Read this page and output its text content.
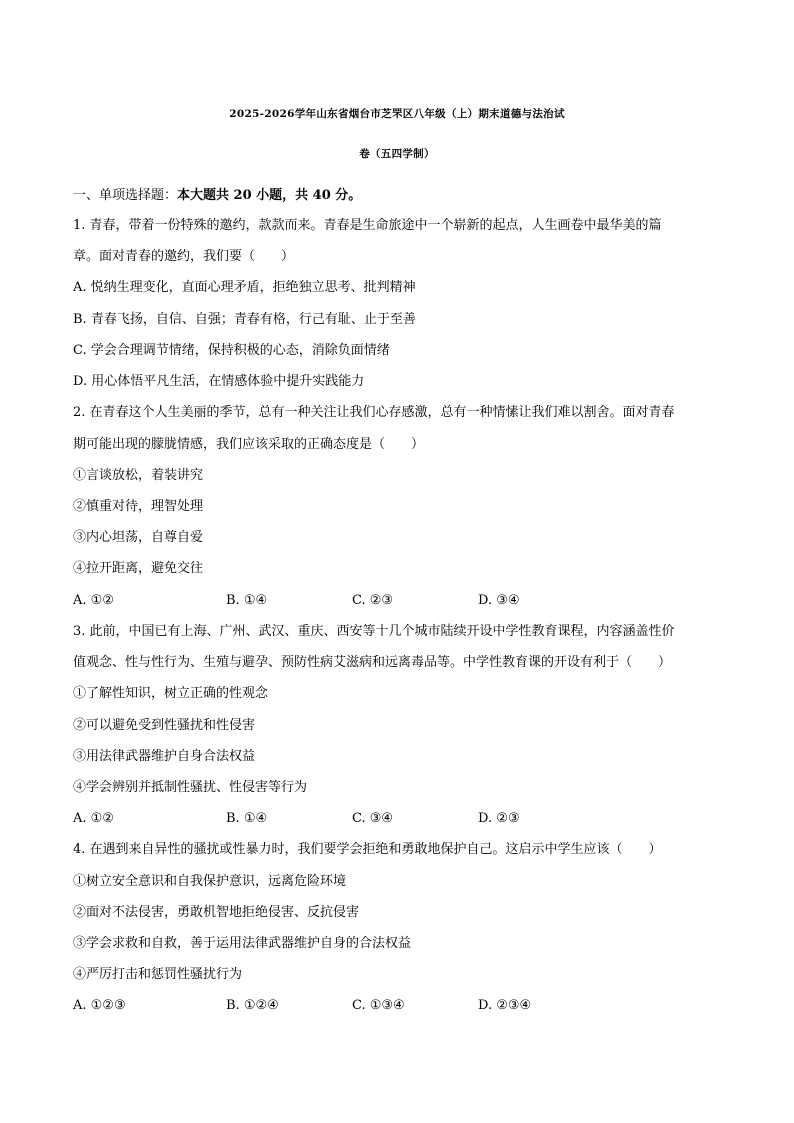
2025-2026学年山东省烟台市芝罘区八年级（上）期末道德与法治试
卷（五四学制）
一、单项选择题：本大题共 20 小题，共 40 分。
1. 青春，带着一份特殊的邀约，款款而来。青春是生命旅途中一个崭新的起点，人生画卷中最华美的篇
章。面对青春的邀约，我们要（　　）
A. 悦纳生理变化，直面心理矛盾，拒绝独立思考、批判精神
B. 青春飞扬，自信、自强；青春有格，行己有耻、止于至善
C. 学会合理调节情绪，保持积极的心态，消除负面情绪
D. 用心体悟平凡生活，在情感体验中提升实践能力
2. 在青春这个人生美丽的季节，总有一种关注让我们心存感激，总有一种情愫让我们难以割舍。面对青春
期可能出现的朦胧情感，我们应该采取的正确态度是（　　）
①言谈放松，着装讲究
②慎重对待，理智处理
③内心坦荡，自尊自爱
④拉开距离，避免交往
A. ①②	B. ①④	C. ②③	D. ③④
3. 此前，中国已有上海、广州、武汉、重庆、西安等十几个城市陆续开设中学性教育课程，内容涵盖性价
值观念、性与性行为、生殖与避孕、预防性病艾滋病和远离毒品等。中学性教育课的开设有利于（　　）
①了解性知识，树立正确的性观念
②可以避免受到性骚扰和性侵害
③用法律武器维护自身合法权益
④学会辨别并抵制性骚扰、性侵害等行为
A. ①②	B. ①④	C. ③④	D. ②③
4. 在遇到来自异性的骚扰或性暴力时，我们要学会拒绝和勇敢地保护自己。这启示中学生应该（　　）
①树立安全意识和自我保护意识，远离危险环境
②面对不法侵害，勇敢机智地拒绝侵害、反抗侵害
③学会求救和自救，善于运用法律武器维护自身的合法权益
④严厉打击和惩罚性骚扰行为
A. ①②③	B. ①②④	C. ①③④	D. ②③④
